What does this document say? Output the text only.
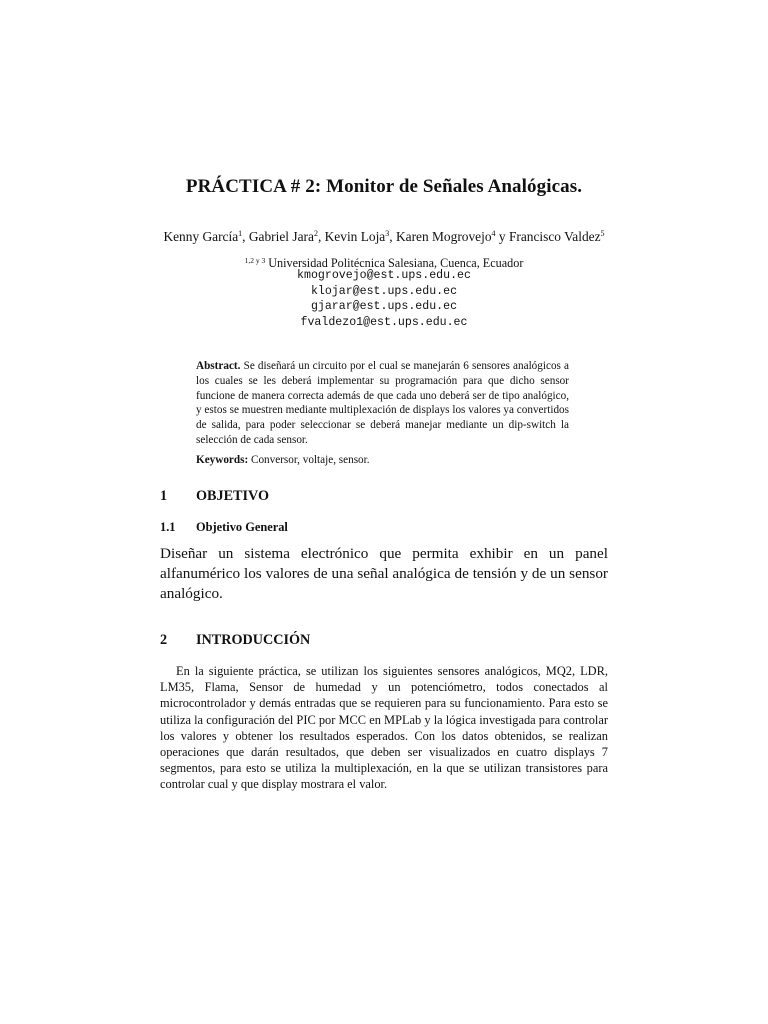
PRÁCTICA # 2: Monitor de Señales Analógicas.
Kenny García$^1$, Gabriel Jara$^2$, Kevin Loja$^3$, Karen Mogrovejo$^4$ y Francisco Valdez$^5$
$^{1,2 y 3}$ Universidad Politécnica Salesiana, Cuenca, Ecuador
kmogrovejo@est.ups.edu.ec
klojar@est.ups.edu.ec
gjarar@est.ups.edu.ec
fvaldezo1@est.ups.edu.ec
Abstract. Se diseñará un circuito por el cual se manejarán 6 sensores analógicos a los cuales se les deberá implementar su programación para que dicho sensor funcione de manera correcta además de que cada uno deberá ser de tipo analógico, y estos se muestren mediante multiplexación de displays los valores ya convertidos de salida, para poder seleccionar se deberá manejar mediante un dip-switch la selección de cada sensor.
Keywords: Conversor, voltaje, sensor.
1 OBJETIVO
1.1 Objetivo General
Diseñar un sistema electrónico que permita exhibir en un panel alfanumérico los valores de una señal analógica de tensión y de un sensor analógico.
2 INTRODUCCIÓN
En la siguiente práctica, se utilizan los siguientes sensores analógicos, MQ2, LDR, LM35, Flama, Sensor de humedad y un potenciómetro, todos conectados al microcontrolador y demás entradas que se requieren para su funcionamiento. Para esto se utiliza la configuración del PIC por MCC en MPLab y la lógica investigada para controlar los valores y obtener los resultados esperados. Con los datos obtenidos, se realizan operaciones que darán resultados, que deben ser visualizados en cuatro displays 7 segmentos, para esto se utiliza la multiplexación, en la que se utilizan transistores para controlar cual y que display mostrara el valor.
